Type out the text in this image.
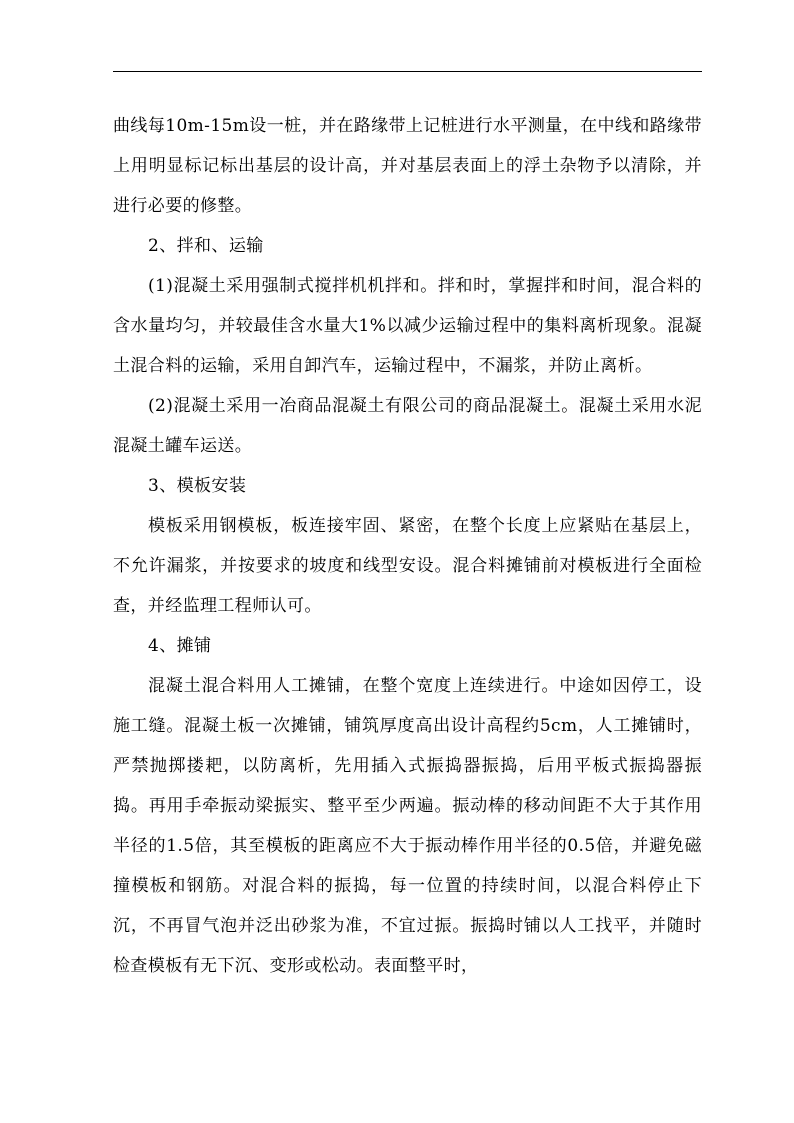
曲线每10m-15m设一桩，并在路缘带上记桩进行水平测量，在中线和路缘带上用明显标记标出基层的设计高，并对基层表面上的浮土杂物予以清除，并进行必要的修整。

2、拌和、运输

(1)混凝土采用强制式搅拌机机拌和。拌和时，掌握拌和时间，混合料的含水量均匀，并较最佳含水量大1%以减少运输过程中的集料离析现象。混凝土混合料的运输，采用自卸汽车，运输过程中，不漏浆，并防止离析。

(2)混凝土采用一冶商品混凝土有限公司的商品混凝土。混凝土采用水泥混凝土罐车运送。

3、模板安装

模板采用钢模板，板连接牢固、紧密，在整个长度上应紧贴在基层上，不允许漏浆，并按要求的坡度和线型安设。混合料摊铺前对模板进行全面检查，并经监理工程师认可。

4、摊铺

混凝土混合料用人工摊铺，在整个宽度上连续进行。中途如因停工，设施工缝。混凝土板一次摊铺，铺筑厚度高出设计高程约5cm，人工摊铺时，严禁抛掷搂耙，以防离析，先用插入式振捣器振捣，后用平板式振捣器振捣。再用手牵振动梁振实、整平至少两遍。振动棒的移动间距不大于其作用半径的1.5倍，其至模板的距离应不大于振动棒作用半径的0.5倍，并避免磁撞模板和钢筋。对混合料的振捣，每一位置的持续时间，以混合料停止下沉，不再冒气泡并泛出砂浆为准，不宜过振。振捣时铺以人工找平，并随时检查模板有无下沉、变形或松动。表面整平时，
